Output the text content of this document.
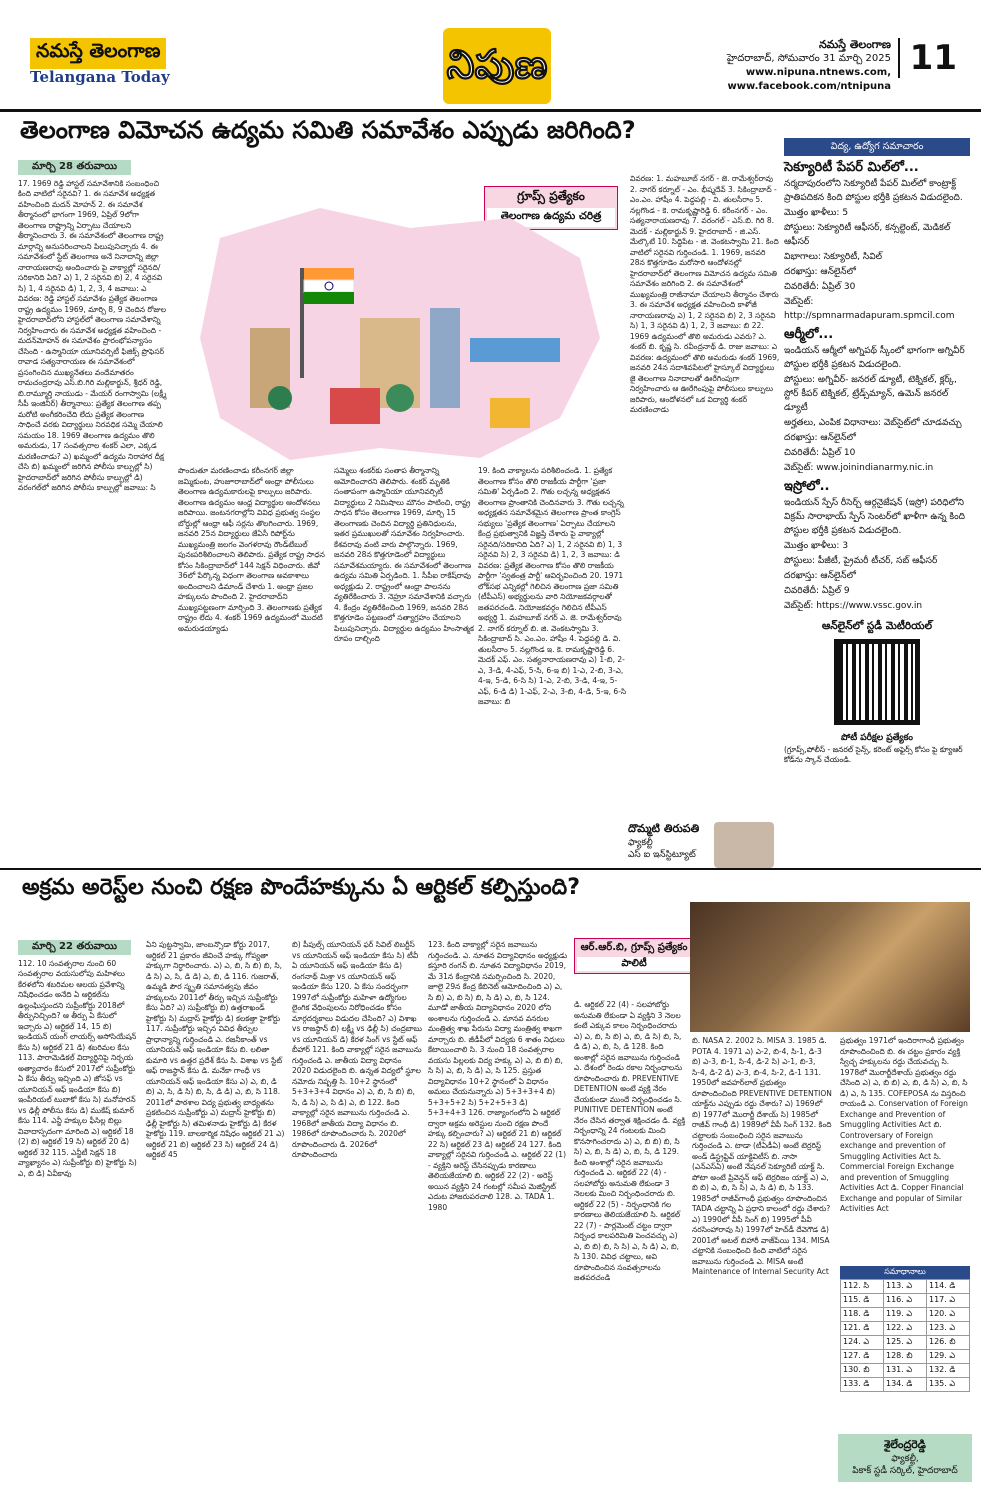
నమస్తే తెలంగాణ
Telangana Today	నిపుణ	నమస్తే తెలంగాణ
హైదరాబాద్, సోమవారం 31 మార్చి 2025
www.nipuna.ntnews.com,
www.facebook.com/ntnipuna
11
తెలంగాణ విమోచన ఉద్యమ సమితి సమావేశం ఎప్పుడు జరిగింది?
మార్చి 28 తరువాయి

17. 1969 రెడ్డి హాస్టల్ సమావేశానికి సంబంధించి కింది వాటిలో సరైనవి? 1. ఈ సమావేశ అధ్యక్షత వహించింది మదన్ మోహన్ 2. ఈ సమావేశ తీర్మానంలో భాగంగా 1969, ఏప్రిల్ 9లోగా తెలంగాణ రాష్ట్రాన్ని ఏర్పాటు చేయాలని తీర్మానించారు 3. ఈ సమావేశంలో తెలంగాణ రాష్ట్ర మార్గాన్ని అనుసరించాలని పిలుపునిచ్చారు 4. ఈ సమావేశంలో స్టేట్ తెలంగాణ అనే నినాదాన్ని జిల్లా నారాయణరావు అందించారు పై వాక్యాల్లో సరైనది/సరికానిది ఏది? ఎ) 1, 2 సరైనవి బి) 2, 4 సరైనవి సి) 1, 4 సరైనవి డి) 1, 2, 3, 4 జవాబు: ఎ వివరణ: రెడ్డి హాస్టల్ సమావేశం ప్రత్యేక తెలంగాణ రాష్ట్ర ఉద్యమం 1969, మార్చి 8, 9 చెందిన రోజుల హైదరాబాద్‌లోని హాస్టల్‌లో తెలంగాణ సమావేశాన్ని నిర్వహించారు ఈ సమావేశ అధ్యక్షత వహించింది - మదన్‌మోహన్ ఈ సమావేశం ప్రారంభోపన్యాసం చేసింది - ఉస్మానియా యూనివర్సిటీ ఫిజిక్స్ ప్రొఫెసర్ రావాడ సత్యనారాయణ ఈ సమావేశంలో ప్రసంగించిన ముఖ్యనేతలు వందేమాతరం రామచంద్రరావు ఎస్.బి.గిరి మల్లికార్జున్, శ్రీధర్ రెడ్డి, బి.రామ్మూర్తి నాయుడు - మేయర్ రంగాస్వామి (లక్ష్మీ సీపీ ఇంజినీర్) తీర్మానాలు: ప్రత్యేక తెలంగాణ తప్ప మరోటి అంగీకరించేది లేదు ప్రత్యేక తెలంగాణ సాధించే వరకు విద్యార్థులు నిరవధిక సమ్మె చేయాలి సమయం 18. 1969 తెలంగాణ ఉద్యమం తొలి అమరుడు, 17 సంవత్సరాల శంకర్ ఎలా, ఎక్కడ మరణించాడు? ఎ) ఖమ్మంలో ఉద్యమ నిరాహార దీక్ష చేసి బి) ఖమ్మంలో జరిగిన పోలీసు కాల్పుల్లో సి) హైదరాబాద్‌లో జరిగిన పోలీసు కాల్పుల్లో డి) వరంగల్‌లో జరిగిన పోలీసు కాల్పుల్లో జవాబు: సి

గ్రూప్స్ ప్రత్యేకం
తెలంగాణ ఉద్యమ చరిత్ర

పొందుతూ మరణించాడు కరీంనగర్ జిల్లా జమ్మికుంట, హుజూరాబాద్‌లో ఆంధ్రా పోలీసులు తెలంగాణ ఉద్యమకారులపై కాల్పులు జరిపారు. తెలంగాణ ఉద్యమం ఆంధ్ర విద్యార్థుల ఆందోళనలు జరిపాయి. జంటనగరాల్లోని వివిధ ప్రభుత్వ సంస్థల బోర్డుల్లో ఆంధ్రా ఆఫీ సర్లను తొలగించారు. 1969, జనవరి 25న విద్యార్థులు జేఏసీ రిపోర్ట్‌ను ముఖ్యమంత్రి జలగం వెంగళరావు రౌండ్‌టేబుల్ పునఃపరిశీలించాలని తెలిపారు. ప్రత్యేక రాష్ట్ర సాధన కోసం సికింద్రాబాద్‌లో 144 సెక్షన్ విధించారు. జీవో 36లో పేర్కొన్న విధంగా తెలంగాణ అవకాశాలు అందించాలని డిమాండ్ చేశారు 1. ఆంధ్రా ప్రజల హక్కులను పొందింది 2. హైదరాబాద్‌ని ముఖ్యపట్టణంగా మార్చింది 3. తెలంగాణకు ప్రత్యేక రాష్ట్రం లేదు 4. శంకర్ 1969 ఉద్యమంలో మొదటి అమరుడయ్యాడు

సమ్మెలు శంకర్‌కు సంతాప తీర్మానాన్ని ఆమోదించారని తెలిపారు. శంకర్ మృతికి సంతాపంగా ఉస్మానియా యూనివర్సిటీ విద్యార్థులు 2 నిమిషాలు మౌనం పాటించి, రాష్ట్ర సాధన కోసం తెలంగాణ 1969, మార్చి 15 తెలంగాణకు చెందిన విద్యార్థి ప్రతినిధులను, ఇతర ప్రముఖులతో సమావేశం నిర్వహించారు. కేశవరావు వంటి వారు పాల్గొన్నారు. 1969, జనవరి 28న కొత్తగూడెంలో విద్యార్థులు సమావేశమయ్యారు. ఈ సమావేశంలో తెలంగాణ ఉద్యమ సమితి ఏర్పడింది. 1. సీపీఐ రాకేష్‌రావు అధ్యక్షుడు 2. రాష్ట్రంలో ఆంధ్రా పాలనను వ్యతిరేకించారు 3. నెహ్రూ సమావేశానికి వచ్చారు 4. కేంద్రం వ్యతిరేకించింది 1969, జనవరి 28న కొత్తగూడెం పట్టణంలో సత్యాగ్రహం చేయాలని పిలుపునిచ్చారు. విద్యార్థుల ఉద్యమం హింసాత్మక రూపం దాల్చింది

19. కింది వాక్యాలను పరిశీలించండి. 1. ప్రత్యేక తెలంగాణ కోసం తొలి రాజకీయ పార్టీగా 'ప్రజా సమితి' ఏర్పడింది 2. గౌతు లచ్చన్న అధ్యక్షతన తెలంగాణ ప్రాంతానికి చెందినవారు 3. గౌతు లచ్చన్న అధ్యక్షతన సమావేశమైన తెలంగాణ ప్రాంత కాంగ్రెస్ సభ్యులు 'ప్రత్యేక తెలంగాణ' ఏర్పాటు చేయాలని కేంద్ర ప్రభుత్వానికి విజ్ఞప్తి చేశారు పై వాక్యాల్లో సరైనది/సరికానిది ఏది? ఎ) 1, 2 సరైనవి బి) 1, 3 సరైనవి సి) 2, 3 సరైనవి డి) 1, 2, 3 జవాబు: డి వివరణ: ప్రత్యేక తెలంగాణ కోసం తొలి రాజకీయ పార్టీగా 'స్వతంత్ర పార్టీ' ఆవిర్భవించింది 20. 1971 లోక్‌సభ ఎన్నికల్లో గెలిచిన తెలంగాణ ప్రజా సమితి (టీపీఎస్) అభ్యర్థులను వారి నియోజకవర్గాలతో జతపరచండి. నియోజకవర్గం గెలిచిన టీపీఎస్ అభ్యర్థి 1. మహబూబ్ నగర్ ఎ. జె. రామేశ్వర్‌రావు 2. నాగర్ కర్నూల్ బి. జి. వెంకటస్వామి 3. సికింద్రాబాద్ సి. ఎం.ఎం. హాషీం 4. పెద్దపల్లి డి. వి. తులసీరాం 5. నల్లగొండ ఇ. కె. రామకృష్ణారెడ్డి 6. మెదక్ ఎఫ్. ఎం. సత్యనారాయణరావు ఎ) 1-బి, 2-ఎ, 3-డి, 4-ఎఫ్, 5-సి, 6-ఇ బి) 1-ఎ, 2-బి, 3-ఎ, 4-ఇ, 5-డి, 6-సి సి) 1-ఎ, 2-బి, 3-డి, 4-ఇ, 5-ఎఫ్, 6-డి డి) 1-ఎఫ్, 2-ఎ, 3-బి, 4-డి, 5-ఇ, 6-సి జవాబు: బి

వివరణ: 1. మహబూబ్ నగర్ - జె. రామేశ్వర్‌రావు 2. నాగర్ కర్నూల్ - ఎం. భీష్మదేవ్ 3. సికింద్రాబాద్ - ఎం.ఎం. హాషీం 4. పెద్దపల్లి - వి. తులసీరాం 5. నల్లగొండ - కె. రామకృష్ణారెడ్డి 6. కరీంనగర్ - ఎం. సత్యనారాయణరావు 7. వరంగల్ - ఎస్.బి. గిరి 8. మెదక్ - మల్లికార్జున్ 9. హైదరాబాద్ - జి.ఎస్. మేల్కొటే 10. సిద్దిపేట - జి. వెంకటస్వామి 21. కింది వాటిలో సరైనవి గుర్తించండి. 1. 1969, జనవరి 28న కొత్తగూడెం మరోసారి ఆందోళనల్లో హైదరాబాద్‌లో తెలంగాణ విమోచన ఉద్యమ సమితి సమావేశం జరిగింది 2. ఈ సమావేశంలో ముఖ్యమంత్రి రాజీనామా చేయాలని తీర్మానం చేశారు 3. ఈ సమావేశ అధ్యక్షత వహించింది కాళోజీ నారాయణరావు ఎ) 1, 2 సరైనవి బి) 2, 3 సరైనవి సి) 1, 3 సరైనవి డి) 1, 2, 3 జవాబు: బి 22. 1969 ఉద్యమంలో తొలి అమరుడు ఎవరు? ఎ. శంకర్ బి. కృష్ణ సి. రవీంద్రనాథ్ డి. రాజు జవాబు: ఎ వివరణ: ఉద్యమంలో తొలి అమరుడు శంకర్ 1969, జనవరి 24న సదాశివపేటలో హైస్కూల్ విద్యార్థులు జై తెలంగాణ నినాదాలతో ఊరేగింపుగా నిర్వహించారు ఆ ఊరేగింపుపై పోలీసులు కాల్పులు జరిపారు, ఆందోళనలో ఒక విద్యార్థి శంకర్ మరణించాడు

దొమ్మటి తిరుపతి
ఫ్యాకల్టీ
ఎస్ ఐ ఇన్‌స్టిట్యూట్
విద్య, ఉద్యోగ సమాచారం
సెక్యూరిటీ పేపర్ మిల్‌లో...

నర్మదాపురంలోని సెక్యూరిటీ పేపర్ మిల్‌లో కాంట్రాక్ట్ ప్రాతిపదికన కింది పోస్టుల భర్తీకి ప్రకటన విడుదలైంది.

మొత్తం ఖాళీలు: 5

పోస్టులు: సెక్యూరిటీ ఆఫీసర్, కన్సల్టెంట్, మెడికల్ ఆఫీసర్

విభాగాలు: సెక్యూరిటీ, సివిల్

దరఖాస్తు: ఆన్‌లైన్‌లో

చివరితేదీ: ఏప్రిల్ 30

వెబ్‌సైట్: http://spmnarmadapuram.spmcil.com

ఆర్మీలో...

ఇండియన్ ఆర్మీలో అగ్నిపథ్ స్కీంలో భాగంగా అగ్నివీర్ పోస్టుల భర్తీకి ప్రకటన విడుదలైంది.

పోస్టులు: అగ్నివీర్- జనరల్ డ్యూటీ, టెక్నికల్, క్లర్క్, స్టోర్ కీపర్ టెక్నికల్, ట్రేడ్స్‌మ్యాన్, ఉమెన్ జనరల్ డ్యూటీ

అర్హతలు, ఎంపిక విధానాలు: వెబ్‌సైట్‌లో చూడవచ్చు

దరఖాస్తు: ఆన్‌లైన్‌లో

చివరితేదీ: ఏప్రిల్ 10

వెబ్‌సైట్: www.joinindianarmy.nic.in

ఇస్రోలో..

ఇండియన్ స్పేస్ రీసెర్చ్ ఆర్గనైజేషన్ (ఇస్రో) పరిధిలోని విక్రమ్ సారాభాయ్ స్పేస్ సెంటర్‌లో ఖాళీగా ఉన్న కింది పోస్టుల భర్తీకి ప్రకటన విడుదలైంది.

మొత్తం ఖాళీలు: 3

పోస్టులు: పీజీటీ, ప్రైమరీ టీచర్, సబ్ ఆఫీసర్

దరఖాస్తు: ఆన్‌లైన్‌లో

చివరితేదీ: ఏప్రిల్ 9

వెబ్‌సైట్: https://www.vssc.gov.in

ఆన్‌లైన్‌లో స్టడీ మెటీరియల్
పోటీ పరీక్షల ప్రత్యేకం
(గ్రూప్స్,పోలీస్ - జనరల్ సైన్స్, కరెంట్ అఫైర్స్ కోసం పై క్యూఆర్ కోడ్‌ను స్కాన్ చేయండి.
అక్రమ అరెస్ట్‌ల నుంచి రక్షణ పొందేహక్కును ఏ ఆర్టికల్ కల్పిస్తుంది?
మార్చి 22 తరువాయి

112. 10 సంవత్సరాల నుంచి 60 సంవత్సరాల వయసులోపు మహిళలు కేరళలోని శబరిమల ఆలయ ప్రవేశాన్ని నిషేధించడం అనేది ఏ ఆర్టికల్‌ను ఉల్లంఘిస్తుందని సుప్రీంకోర్టు 2018లో తీర్పునిచ్చింది? ఆ తీర్పు ఏ కేసులో ఇచ్చారు ఎ) ఆర్టికల్ 14, 15 బి) ఇండియన్ యంగ్ లాయర్స్ అసోసియేషన్ కేసు సి) ఆర్టికల్ 21 డి) శబరిమల కేసు 113. పారామెడికల్ విద్యార్థినిపై నిర్భయ అత్యాచారం కేసులో 2017లో సుప్రీంకోర్టు ఏ కేసు తీర్పు ఇచ్చింది ఎ) జోసఫ్ vs యూనియన్ ఆఫ్ ఇండియా కేసు బి) ఇంపీరియల్ టుబాకో కేసు సి) మనోహరన్ vs ఢిల్లీ పోలీసు కేసు డి) ముకేష్ కుమార్ కేసు 114. ఎన్జీ హక్కుల ఫీసిల్ల బిల్లు వివాదాస్పదంగా మారింది ఎ) ఆర్టికల్ 18 (2) బి) ఆర్టికల్ 19 సి) ఆర్టికల్ 20 డి) ఆర్టికల్ 32 115. ఎన్జీటీ సెక్షన్ 18 వ్యాఖ్యానం ఎ) సుప్రీంకోర్టు బి) హైకోర్టు సి) ఎ, బి డి) ఏవీకావు

ఏని పుట్టస్వామి, జాంబన్సొడా కోర్టు 2017, ఆర్టికల్ 21 ప్రకారం జీవించే హక్కు గోప్యతా హక్కుగా నిర్ధారించారు. ఎ) ఎ, బి, సి బి) బి, సి, డి సి) ఎ, సి, డి డి) ఎ, బి, డి 116. గుజరాత్, ఉమ్మడి పౌర స్మృతి సమానత్వపు జీవం హక్కులను 2011లో తీర్పు ఇచ్చిన సుప్రీంకోర్టు కేసు ఏది? ఎ) సుప్రీంకోర్టు బి) ఉత్తరాఖండ్ హైకోర్టు సి) మద్రాస్ హైకోర్టు డి) కలకత్తా హైకోర్టు 117. సుప్రీంకోర్టు ఇచ్చిన వివిధ తీర్పుల ప్రాధాన్యాన్ని గుర్తించండి ఎ. రజనీకాంత్ vs యూనియన్ ఆఫ్ ఇండియా కేసు బి. లలితా కుమారి vs ఉత్తర ప్రదేశ్ కేసు సి. విశాఖ vs స్టేట్ ఆఫ్ రాజస్థాన్ కేసు డి. మనేకా గాంధీ vs యూనియన్ ఆఫ్ ఇండియా కేసు ఎ) ఎ, బి, డి బి) ఎ, సి, డి సి) బి, సి, డి డి) ఎ, బి, సి 118. 2011లో పాఠశాల విద్య ప్రభుత్వ బాధ్యతను ప్రకటించిన సుప్రీంకోర్టు ఎ) మద్రాస్ హైకోర్టు బి) ఢిల్లీ హైకోర్టు సి) తమిళనాడు హైకోర్టు డి) కేరళ హైకోర్టు 119. బాలకార్మిక నిషేధం ఆర్టికల్ 21 ఎ) ఆర్టికల్ 21 బి) ఆర్టికల్ 23 సి) ఆర్టికల్ 24 డి) ఆర్టికల్ 45

బి) పీపుల్స్ యూనియన్ ఫర్ సివిల్ లిబర్టీస్ vs యూనియన్ ఆఫ్ ఇండియా కేసు సి) టీవీ ఏ యూనియన్ ఆఫ్ ఇండియా కేసు డి) రంగనాథ్ మిశ్రా vs యూనియన్ ఆఫ్ ఇండియా కేసు 120. ఏ కేసు సందర్భంగా 1997లో సుప్రీంకోర్టు మహిళా ఉద్యోగుల లైంగిక వేధింపులను నిరోధించడం కోసం మార్గదర్శకాలు విడుదల చేసింది? ఎ) విశాఖ vs రాజస్థాన్ బి) లక్ష్మీ vs ఢిల్లీ సి) చంద్రబాబు vs యూనియన్ డి) కేరళ సింగ్ vs స్టేట్ ఆఫ్ బీహార్ 121. కింది వాక్యాల్లో సరైన జవాబును గుర్తించండి ఎ. జాతీయ విద్యా విధానం 2020 విడుదలైంది బి. ఉన్నత విద్యలో స్థూల నమోదు నిష్పత్తి సి. 10+2 స్థానంలో 5+3+3+4 విధానం ఎ) ఎ, బి, సి బి) బి, సి, డి సి) ఎ, సి డి) ఎ, బి 122. కింది వాక్యాల్లో సరైన జవాబును గుర్తించండి ఎ. 1968లో జాతీయ విద్యా విధానం బి. 1986లో రూపొందించారు సి. 2020లో రూపొందించారు డి. 2026లో రూపొందించారు

123. కింది వాక్యాల్లో సరైన జవాబును గుర్తించండి. ఎ. నూతన విద్యావిధానం అధ్యక్షుడు కస్తూరి రంగన్ బి. నూతన విద్యావిధానం 2019, మే 31న కేంద్రానికి సమర్పించింది సి. 2020, జూలై 29న కేంద్ర కేబినెట్ ఆమోదించింది ఎ) ఎ, సి బి) ఎ, బి సి) బి, సి డి) ఎ, బి, సి 124. మూడో జాతీయ విద్యావిధానం 2020 లోని అంశాలను గుర్తించండి ఎ. మానవ వనరుల మంత్రిత్వ శాఖ పేరును విద్యా మంత్రిత్వ శాఖగా మార్చారు బి. జీడీపీలో విద్యకు 6 శాతం నిధులు కేటాయించాలి సి. 3 నుంచి 18 సంవత్సరాల వయసు పిల్లలకు విద్య హక్కు ఎ) ఎ, బి బి) బి, సి సి) ఎ, బి, సి డి) ఎ, సి 125. ప్రస్తుత విద్యావిధానం 10+2 స్థానంలో ఏ విధానం అమలు చేయనున్నారు ఎ) 5+3+3+4 బి) 5+3+5+2 సి) 5+2+5+3 డి) 5+3+4+3 126. రాజ్యాంగంలోని ఏ ఆర్టికల్ ద్వారా అక్రమ అరెస్టుల నుంచి రక్షణ పొందే హక్కు కల్పించారు? ఎ) ఆర్టికల్ 21 బి) ఆర్టికల్ 22 సి) ఆర్టికల్ 23 డి) ఆర్టికల్ 24 127. కింది వాక్యాల్లో సరైనవి గుర్తించండి ఎ. ఆర్టికల్ 22 (1) - వ్యక్తిని అరెస్ట్ చేసినప్పుడు కారణాలు తెలియజేయాలి బి. ఆర్టికల్ 22 (2) - అరెస్ట్ అయిన వ్యక్తిని 24 గంటల్లో సమీప మెజిస్ట్రేట్ ఎదుట హాజరుపరచాలి 128. ఎ. TADA 1. 1980

ఆర్.ఆర్.బి, గ్రూప్స్ ప్రత్యేకం
పాలిటీ

డి. ఆర్టికల్ 22 (4) - సలహాబోర్డు అనుమతి లేకుండా ఏ వ్యక్తిని 3 నెలల కంటే ఎక్కువ కాలం నిర్బంధించరాదు ఎ) ఎ, బి, సి బి) ఎ, బి, డి సి) బి, సి, డి డి) ఎ, బి, సి, డి 128. కింది అంశాల్లో సరైన జవాబును గుర్తించండి ఎ. దేశంలో రెండు రకాల నిర్బంధాలను రూపొందించారు బి. PREVENTIVE DETENTION అంటే వ్యక్తి నేరం చేయకుండా ముందే నిర్బంధించడం సి. PUNITIVE DETENTION అంటే నేరం చేసిన తర్వాత శిక్షించడం డి. వ్యక్తి నిర్బంధాన్ని 24 గంటలకు మించి కొనసాగించరాదు ఎ) ఎ, బి బి) బి, సి సి) ఎ, బి, సి డి) ఎ, బి, సి, డి 129. కింది అంశాల్లో సరైన జవాబును గుర్తించండి ఎ. ఆర్టికల్ 22 (4) - సలహాబోర్డు అనుమతి లేకుండా 3 నెలలకు మించి నిర్బంధించరాదు బి. ఆర్టికల్ 22 (5) - నిర్బంధానికి గల కారణాలు తెలియజేయాలి సి. ఆర్టికల్ 22 (7) - పార్లమెంట్ చట్టం ద్వారా నిర్బంధ కాలపరిమితి పెంచవచ్చు ఎ) ఎ, బి బి) బి, సి సి) ఎ, సి డి) ఎ, బి, సి 130. వివిధ చట్టాలు, అవి రూపొందించిన సంవత్సరాలను జతపరచండి

బి. NASA 2. 2002 సి. MISA 3. 1985 డి. POTA 4. 1971 ఎ) ఎ-2, బి-4, సి-1, డి-3 బి) ఎ-3, బి-1, సి-4, డి-2 సి) ఎ-1, బి-3, సి-4, డి-2 డి) ఎ-3, బి-4, సి-2, డి-1 131. 1950లో జవహర్‌లాల్ ప్రభుత్వం రూపొందించింది PREVENTIVE DETENTION యాక్ట్‌ను ఎప్పుడు రద్దు చేశారు? ఎ) 1969లో బి) 1977లో మొరార్జీ దేశాయ్ సి) 1985లో రాజీవ్ గాంధీ డి) 1989లో వీపీ సింగ్ 132. కింది చట్టాలకు సంబంధించి సరైన జవాబును గుర్తించండి ఎ. టాడా (టీఏడీఏ) అంటే టెర్రరిస్ట్ అండ్ డిస్ట్రప్టివ్ యాక్టివిటీస్ బి. నాసా (ఎన్‌ఎస్‌ఏ) అంటే నేషనల్ సెక్యూరిటీ యాక్ట్ సి. పోటా అంటే ప్రివెన్షన్ ఆఫ్ టెర్రరిజం యాక్ట్ ఎ) ఎ, బి బి) ఎ, బి, సి సి) ఎ, సి డి) బి, సి 133. 1985లో రాజీవ్‌గాంధీ ప్రభుత్వం రూపొందించిన TADA చట్టాన్ని ఏ ప్రధాని కాలంలో రద్దు చేశారు? ఎ) 1990లో వీపీ సింగ్ బి) 1995లో పీవీ నరసింహారావు సి) 1997లో హెచ్‌డీ దేవెగౌడ డి) 2001లో అటల్ బిహారీ వాజ్‌పేయి 134. MISA చట్టానికి సంబంధించి కింది వాటిలో సరైన జవాబును గుర్తించండి ఎ. MISA అంటే Maintenance of Internal Security Act

ప్రభుత్వం 1971లో ఇందిరాగాంధీ ప్రభుత్వం రూపొందించింది బి. ఈ చట్టం ప్రకారం వ్యక్తి స్వేచ్ఛ హక్కులను రద్దు చేయవచ్చు సి. 1978లో మొరార్జీదేశాయ్ ప్రభుత్వం రద్దు చేసింది ఎ) ఎ, బి బి) ఎ, బి, డి సి) ఎ, బి, సి డి) ఎ, సి 135. COFEPOSA ను విస్తరించి రాయండి ఎ. Conservation of Foreign Exchange and Prevention of Smuggling Activities Act బి. Controversary of Foreign exchange and prevention of Smuggling Activities Act సి. Commercial Foreign Exchange and prevention of Smuggling Activities Act డి. Copper Financial Exchange and popular of Similar Activities Act

సమాధానాలు
112. సి	113. ఎ	114. డి
115. డి	116. ఎ	117. ఎ
118. డి	119. ఎ	120. ఎ
121. డి	122. ఎ	123. ఎ
124. ఎ	125. ఎ	126. బి
127. డి	128. బి	129. ఎ
130. బి	131. ఎ	132. డి
133. డి	134. డి	135. ఎ
శైలేంద్రరెడ్డి
ఫ్యాకల్టీ,
పికాక్ స్టడీ సర్కిల్, హైదరాబాద్
